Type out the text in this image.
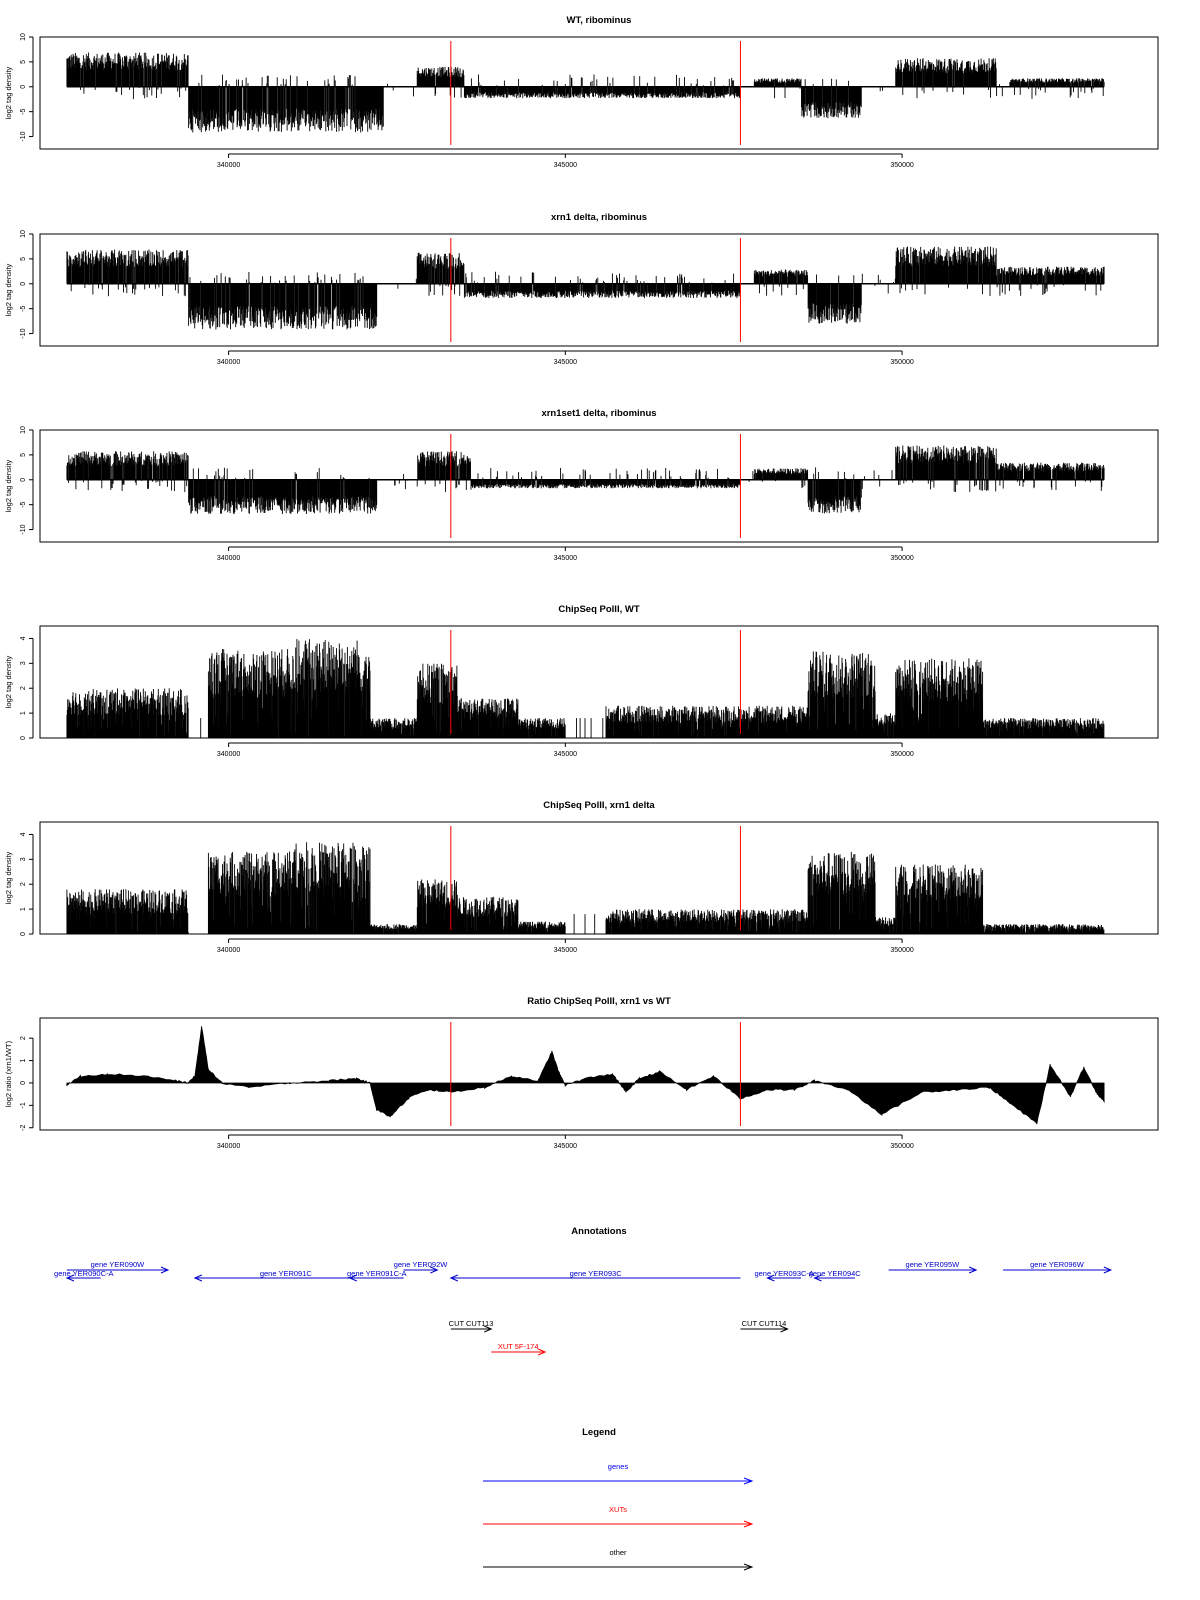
WT, ribominus
-10
-5
0
5
10
log2 tag density
340000	345000	350000
xrn1 delta, ribominus
-10
-5
0
5
10
log2 tag density
340000	345000	350000
xrn1set1 delta, ribominus
-10
-5
0
5
10
log2 tag density
340000	345000	350000
ChipSeq PolII, WT
0
1
2
3
4
log2 tag density
340000	345000	350000
ChipSeq PolII, xrn1 delta
0
1
2
3
4
log2 tag density
340000	345000	350000
Ratio ChipSeq PolII, xrn1 vs WT
-2
-1
0
1
2
log2 ratio (xrn1/WT)
340000	345000	350000
Annotations
gene YER090W
gene YER090C-A	gene YER091C	gene YER091C-A
gene YER092W
gene YER093C	gene YER093C-A
gene YER094C
gene YER095W	gene YER096W
CUT CUT113	CUT CUT114
XUT 5F-174
Legend
genes
XUTs
other
